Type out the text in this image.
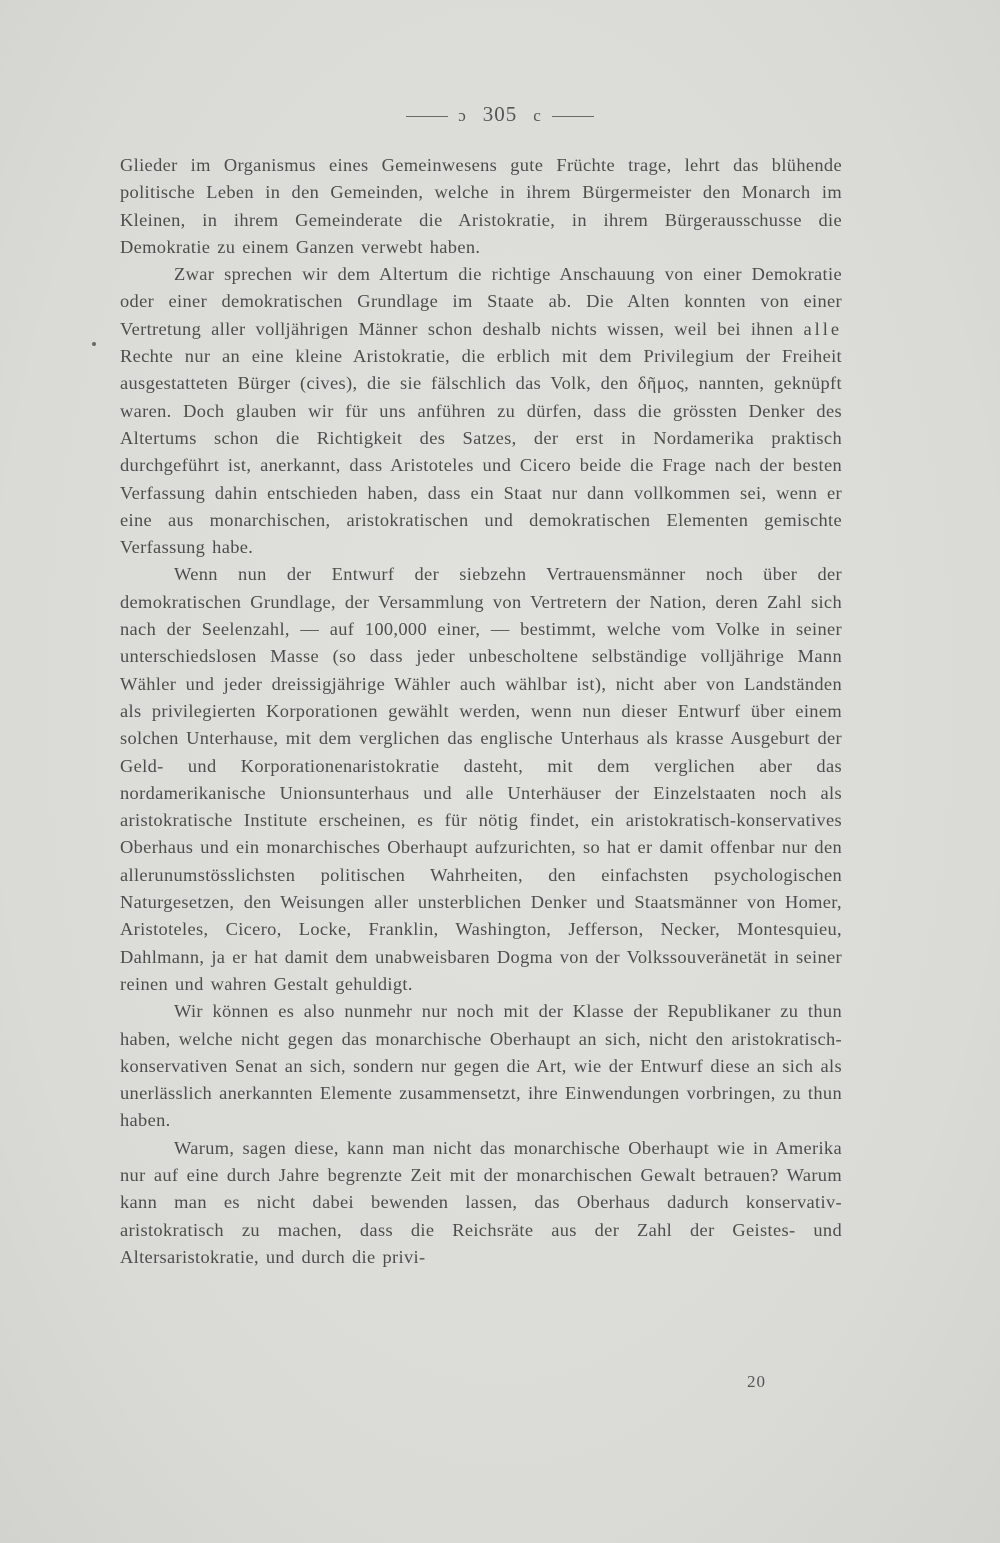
ɔ 305 c

Glieder im Organismus eines Gemeinwesens gute Früchte trage, lehrt das blühende politische Leben in den Gemeinden, welche in ihrem Bürgermeister den Monarch im Kleinen, in ihrem Gemeinderate die Aristokratie, in ihrem Bürgerausschusse die Demokratie zu einem Ganzen verwebt haben.

Zwar sprechen wir dem Altertum die richtige Anschauung von einer Demokratie oder einer demokratischen Grundlage im Staate ab. Die Alten konnten von einer Vertretung aller volljährigen Männer schon deshalb nichts wissen, weil bei ihnen alle Rechte nur an eine kleine Aristokratie, die erblich mit dem Privilegium der Freiheit ausgestatteten Bürger (cives), die sie fälschlich das Volk, den δῆμος, nannten, geknüpft waren. Doch glauben wir für uns anführen zu dürfen, dass die grössten Denker des Altertums schon die Richtigkeit des Satzes, der erst in Nordamerika praktisch durchgeführt ist, anerkannt, dass Aristoteles und Cicero beide die Frage nach der besten Verfassung dahin entschieden haben, dass ein Staat nur dann vollkommen sei, wenn er eine aus monarchischen, aristokratischen und demokratischen Elementen gemischte Verfassung habe.

Wenn nun der Entwurf der siebzehn Vertrauensmänner noch über der demokratischen Grundlage, der Versammlung von Vertretern der Nation, deren Zahl sich nach der Seelenzahl, — auf 100,000 einer, — bestimmt, welche vom Volke in seiner unterschiedslosen Masse (so dass jeder unbescholtene selbständige volljährige Mann Wähler und jeder dreissigjährige Wähler auch wählbar ist), nicht aber von Landständen als privilegierten Korporationen gewählt werden, wenn nun dieser Entwurf über einem solchen Unterhause, mit dem verglichen das englische Unterhaus als krasse Ausgeburt der Geld- und Korporationenaristokratie dasteht, mit dem verglichen aber das nordamerikanische Unionsunterhaus und alle Unterhäuser der Einzelstaaten noch als aristokratische Institute erscheinen, es für nötig findet, ein aristokratisch-konservatives Oberhaus und ein monarchisches Oberhaupt aufzurichten, so hat er damit offenbar nur den allerunumstösslichsten politischen Wahrheiten, den einfachsten psychologischen Naturgesetzen, den Weisungen aller unsterblichen Denker und Staatsmänner von Homer, Aristoteles, Cicero, Locke, Franklin, Washington, Jefferson, Necker, Montesquieu, Dahlmann, ja er hat damit dem unabweisbaren Dogma von der Volkssouveränetät in seiner reinen und wahren Gestalt gehuldigt.

Wir können es also nunmehr nur noch mit der Klasse der Republikaner zu thun haben, welche nicht gegen das monarchische Oberhaupt an sich, nicht den aristokratisch-konservativen Senat an sich, sondern nur gegen die Art, wie der Entwurf diese an sich als unerlässlich anerkannten Elemente zusammensetzt, ihre Einwendungen vorbringen, zu thun haben.

Warum, sagen diese, kann man nicht das monarchische Oberhaupt wie in Amerika nur auf eine durch Jahre begrenzte Zeit mit der monarchischen Gewalt betrauen? Warum kann man es nicht dabei bewenden lassen, das Oberhaus dadurch konservativ-aristokratisch zu machen, dass die Reichsräte aus der Zahl der Geistes- und Altersaristokratie, und durch die privi-

20
